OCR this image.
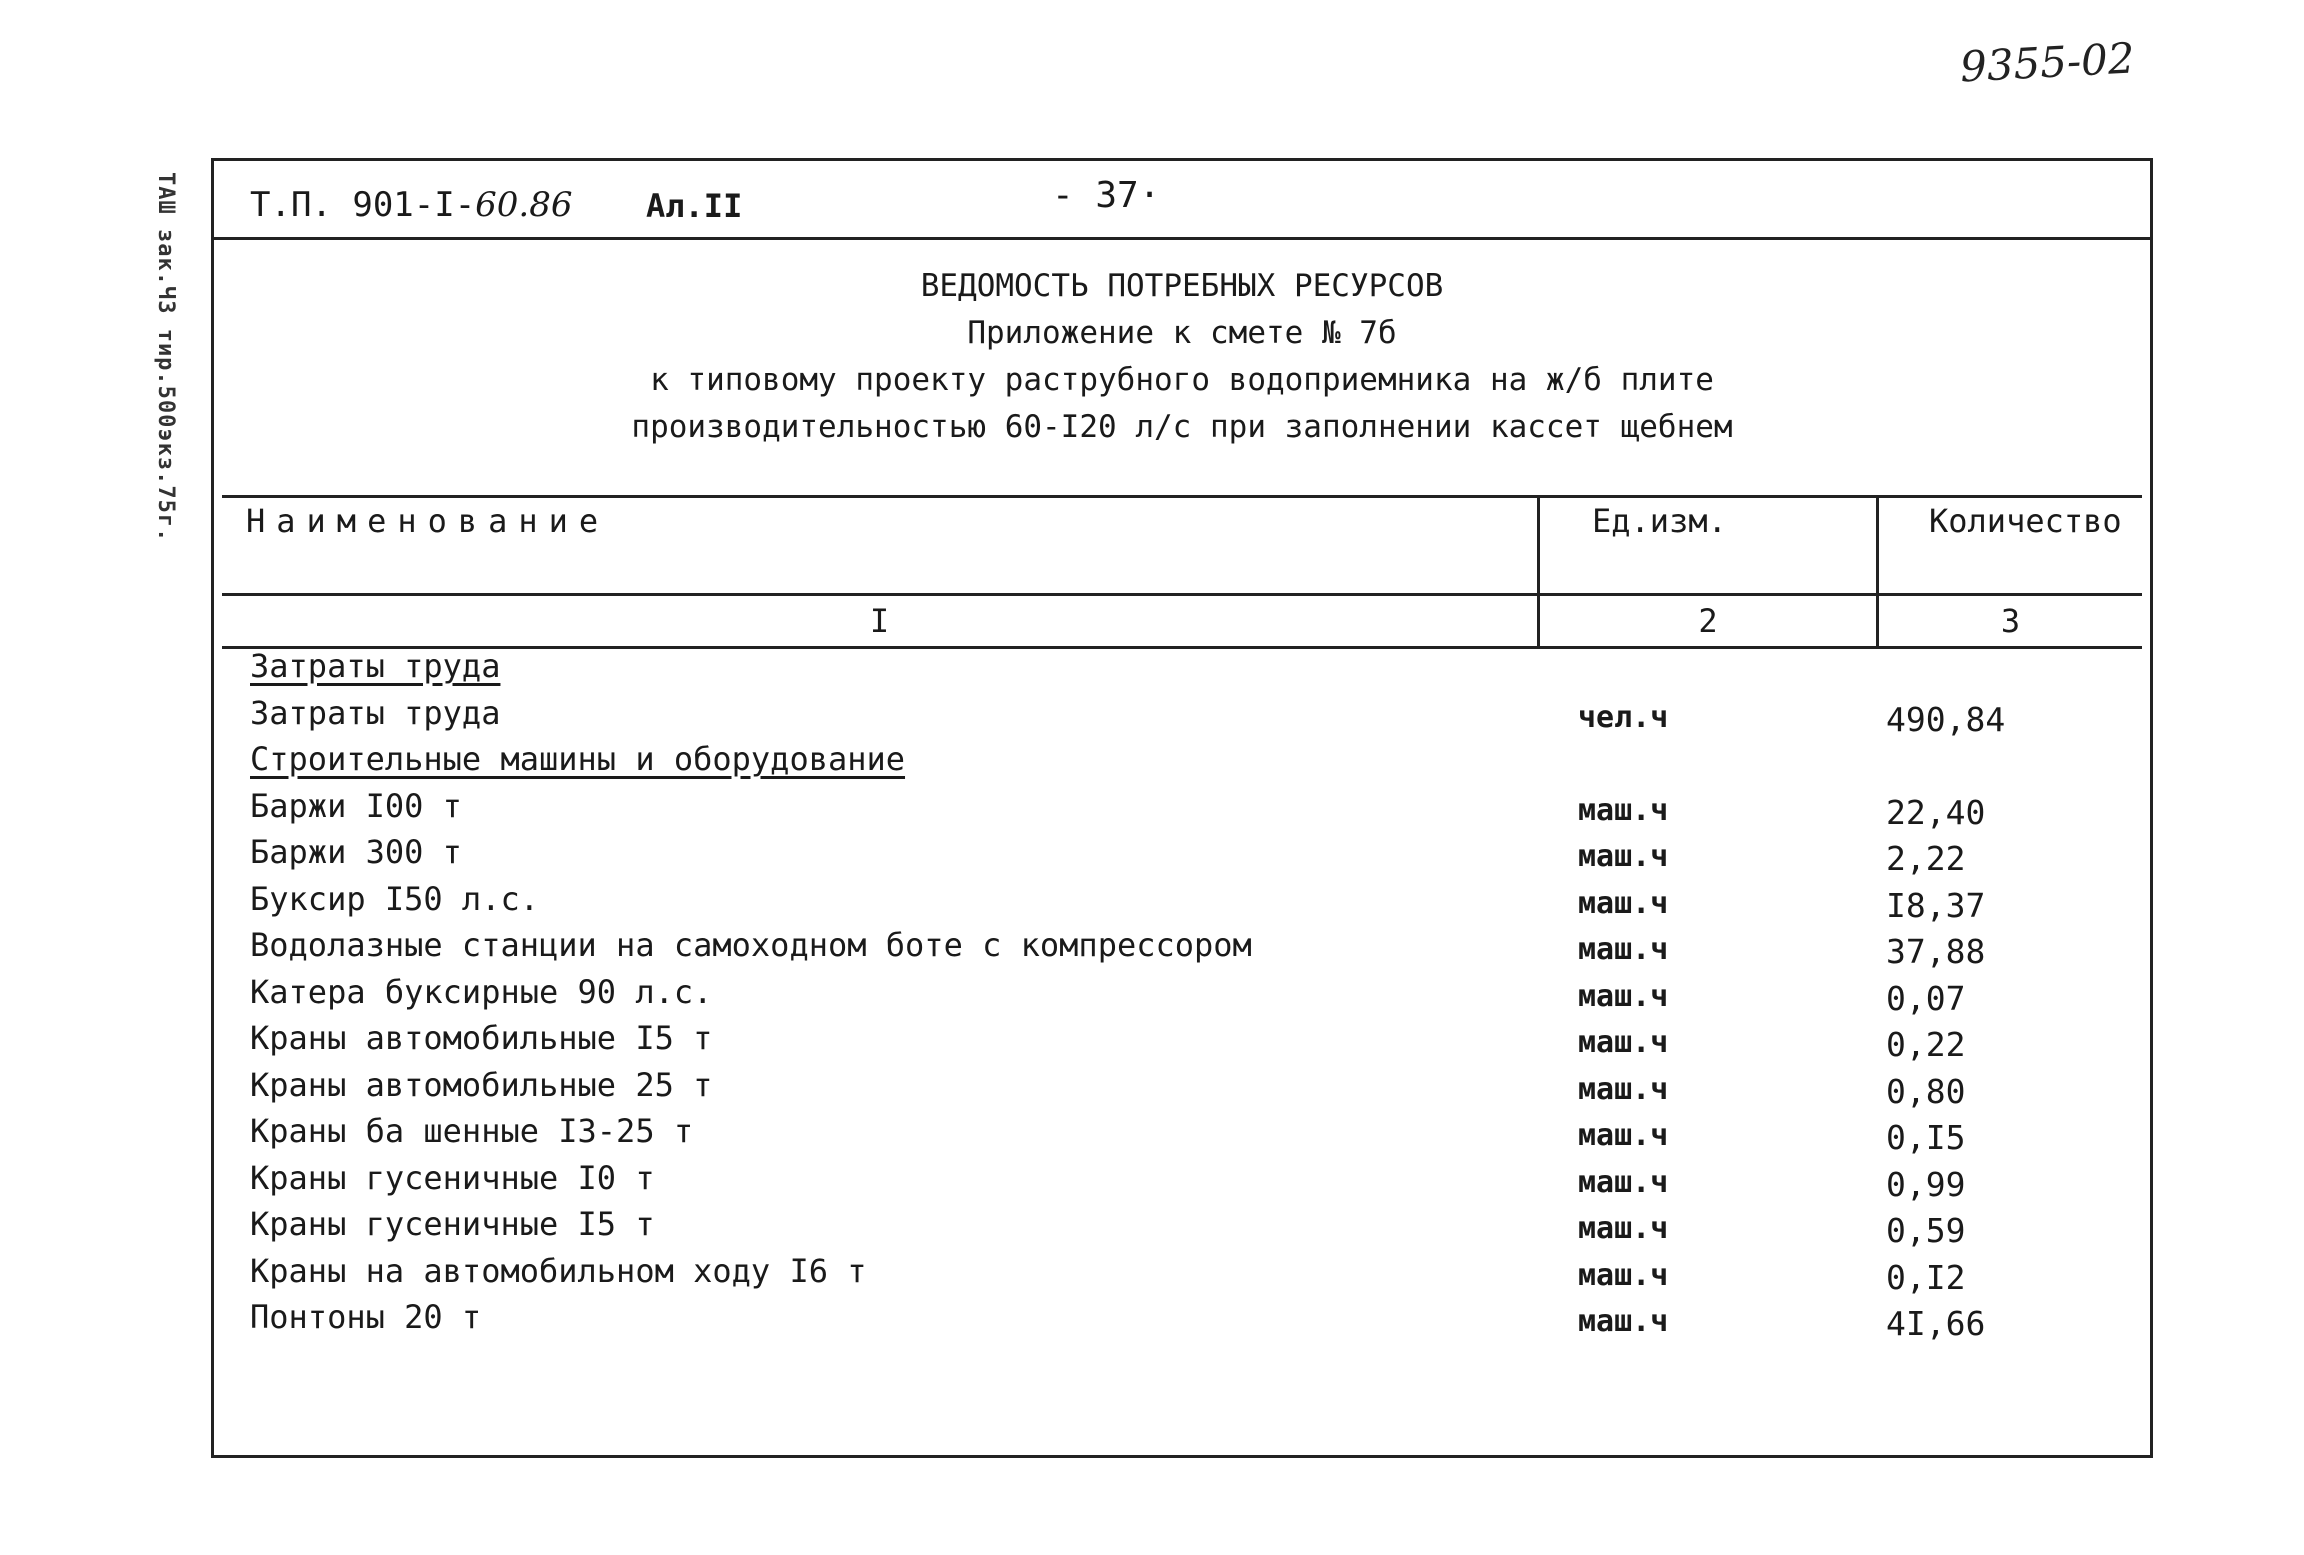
9355-02
ТАШ зак.Ч3 тир.500экз.75г. Т.П. 901-I-60.86 Ал.II	- 37·
ВЕДОМОСТЬ ПОТРЕБНЫХ РЕСУРСОВ
Приложение к смете № 7б
к типовому проекту раструбного водоприемника на ж/б плите
производительностью 60-I20 л/с при заполнении кассет щебнем
Наименование	Ед.изм.	Количество
I	2	3
Затраты труда
Затраты труда	чел.ч	490,84
Строительные машины и оборудование
Баржи I00 т	маш.ч	22,40
Баржи 300 т	маш.ч	2,22
Буксир I50 л.с.	маш.ч	I8,37
Водолазные станции на самоходном боте с компрессором	маш.ч	37,88
Катера буксирные 90 л.с.	маш.ч	0,07
Краны автомобильные I5 т	маш.ч	0,22
Краны автомобильные 25 т	маш.ч	0,80
Краны ба шенные I3-25 т	маш.ч	0,I5
Краны гусеничные I0 т	маш.ч	0,99
Краны гусеничные I5 т	маш.ч	0,59
Краны на автомобильном ходу I6 т	маш.ч	0,I2
Понтоны 20 т	маш.ч	4I,66
